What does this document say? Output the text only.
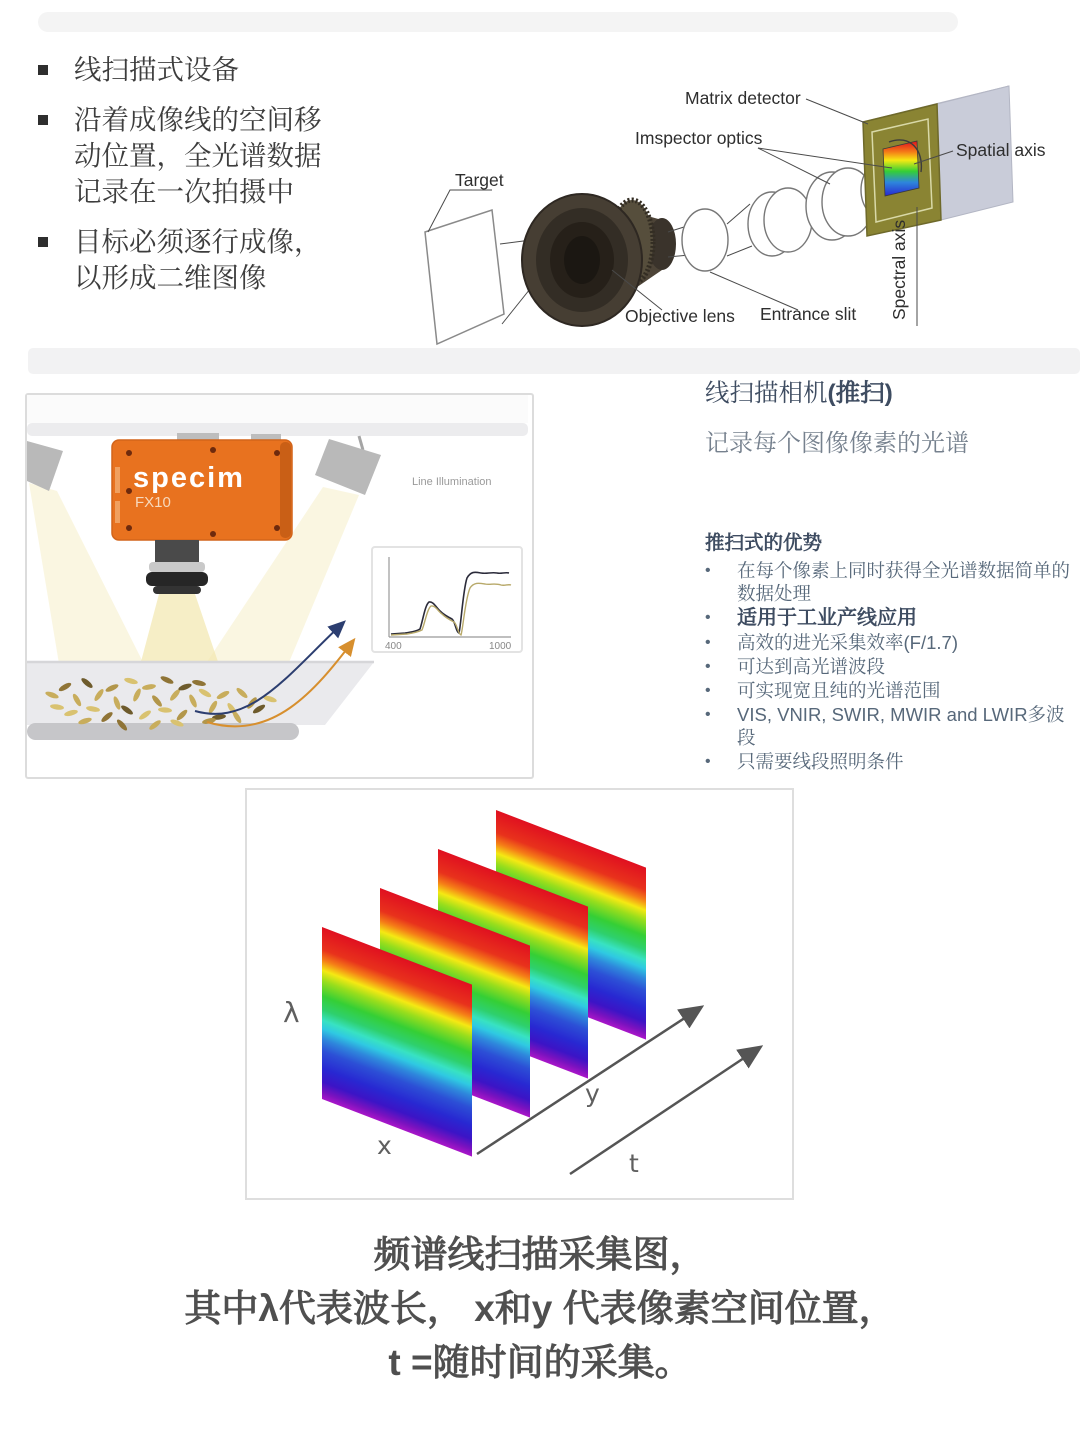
线扫描式设备
沿着成像线的空间移动位置，全光谱数据记录在一次拍摄中
目标必须逐行成像，以形成二维图像
Matrix detector
Imspector optics
Target
Objective lens Entrance slit
Spatial axis
Spectral axis
specim
FX10
400	1000
Line Illumination
线扫描相机(推扫)
记录每个图像像素的光谱
推扫式的优势
•	在每个像素上同时获得全光谱数据简单的数据处理
•	适用于工业产线应用
•	高效的进光采集效率(F/1.7)
•	可达到高光谱波段
•	可实现宽且纯的光谱范围
•	VIS, VNIR, SWIR, MWIR and LWIR多波段
•	只需要线段照明条件
λ
x
y
t
频谱线扫描采集图，
其中λ代表波长， x和y 代表像素空间位置，
t =随时间的采集。
